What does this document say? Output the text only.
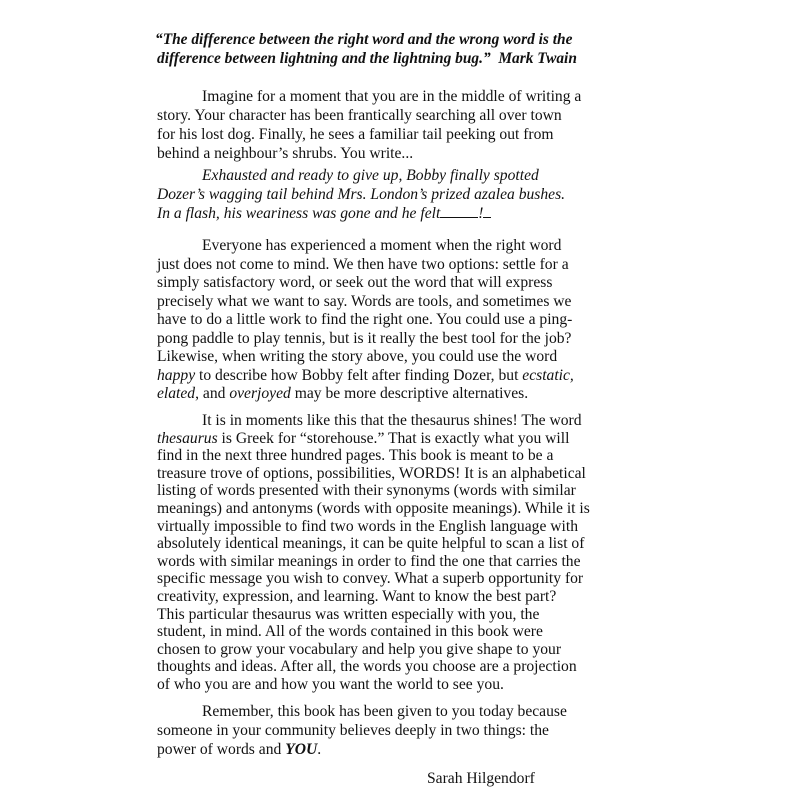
“The difference between the right word and the wrong word is the
difference between lightning and the lightning bug.” Mark Twain
Imagine for a moment that you are in the middle of writing a
story. Your character has been frantically searching all over town
for his lost dog. Finally, he sees a familiar tail peeking out from
behind a neighbour’s shrubs. You write...
Exhausted and ready to give up, Bobby finally spotted
Dozer’s wagging tail behind Mrs. London’s prized azalea bushes.
In a flash, his weariness was gone and he felt !
Everyone has experienced a moment when the right word
just does not come to mind. We then have two options: settle for a
simply satisfactory word, or seek out the word that will express
precisely what we want to say. Words are tools, and sometimes we
have to do a little work to find the right one. You could use a ping-
pong paddle to play tennis, but is it really the best tool for the job?
Likewise, when writing the story above, you could use the word
happy to describe how Bobby felt after finding Dozer, but ecstatic,
elated, and overjoyed may be more descriptive alternatives.
It is in moments like this that the thesaurus shines! The word
thesaurus is Greek for “storehouse.” That is exactly what you will
find in the next three hundred pages. This book is meant to be a
treasure trove of options, possibilities, WORDS! It is an alphabetical
listing of words presented with their synonyms (words with similar
meanings) and antonyms (words with opposite meanings). While it is
virtually impossible to find two words in the English language with
absolutely identical meanings, it can be quite helpful to scan a list of
words with similar meanings in order to find the one that carries the
specific message you wish to convey. What a superb opportunity for
creativity, expression, and learning. Want to know the best part?
This particular thesaurus was written especially with you, the
student, in mind. All of the words contained in this book were
chosen to grow your vocabulary and help you give shape to your
thoughts and ideas. After all, the words you choose are a projection
of who you are and how you want the world to see you.
Remember, this book has been given to you today because
someone in your community believes deeply in two things: the
power of words and YOU.
Sarah Hilgendorf
